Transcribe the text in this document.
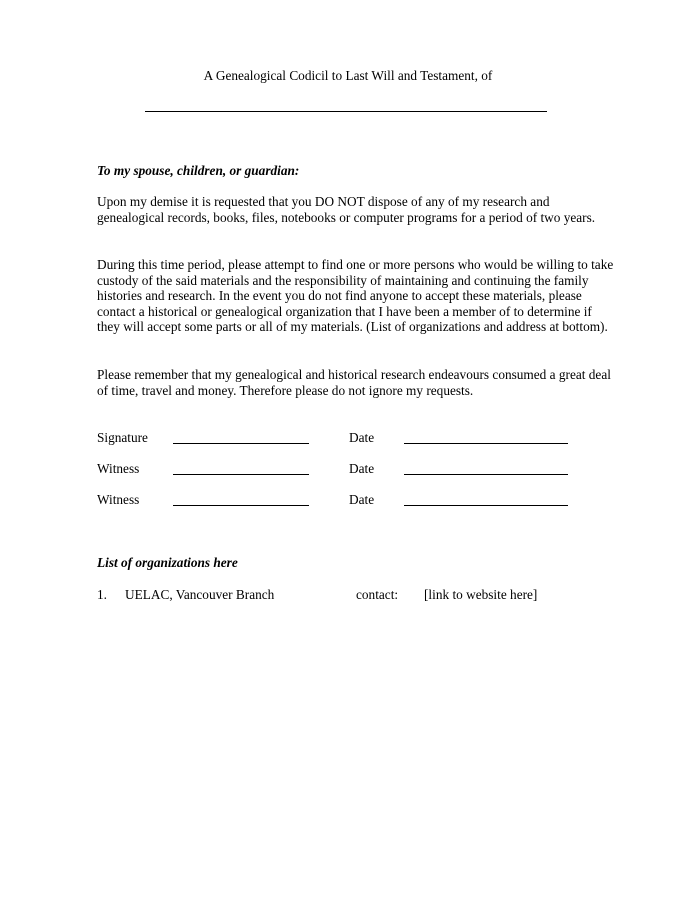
A Genealogical Codicil to Last Will and Testament, of
To my spouse, children, or guardian:

Upon my demise it is requested that you DO NOT dispose of any of my research and genealogical records, books, files, notebooks or computer programs for a period of two years.

During this time period, please attempt to find one or more persons who would be willing to take custody of the said materials and the responsibility of maintaining and continuing the family histories and research. In the event you do not find anyone to accept these materials, please contact a historical or genealogical organization that I have been a member of to determine if they will accept some parts or all of my materials. (List of organizations and address at bottom).

Please remember that my genealogical and historical research endeavours consumed a great deal of time, travel and money. Therefore please do not ignore my requests.

Signature	Date
Witness	Date
Witness	Date
List of organizations here
1. UELAC, Vancouver Branch	contact: [link to website here]
